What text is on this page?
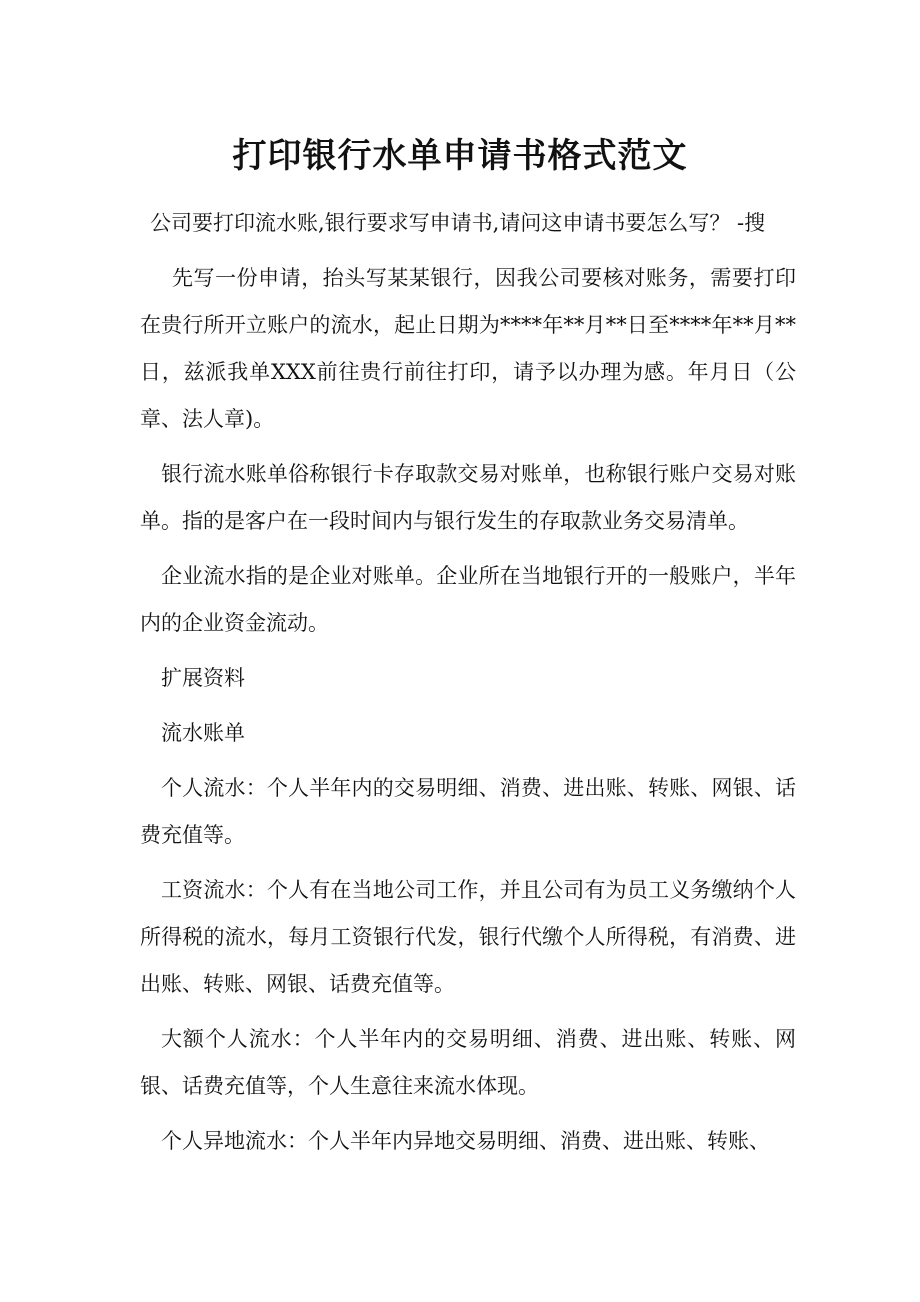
打印银行水单申请书格式范文

公司要打印流水账,银行要求写申请书,请问这申请书要怎么写？ -搜

先写一份申请，抬头写某某银行，因我公司要核对账务，需要打印在贵行所开立账户的流水，起止日期为****年**月**日至****年**月**日，兹派我单XXX前往贵行前往打印，请予以办理为感。年月日（公章、法人章)。

银行流水账单俗称银行卡存取款交易对账单，也称银行账户交易对账单。指的是客户在一段时间内与银行发生的存取款业务交易清单。

企业流水指的是企业对账单。企业所在当地银行开的一般账户，半年内的企业资金流动。

扩展资料

流水账单

个人流水：个人半年内的交易明细、消费、进出账、转账、网银、话费充值等。

工资流水：个人有在当地公司工作，并且公司有为员工义务缴纳个人所得税的流水，每月工资银行代发，银行代缴个人所得税，有消费、进出账、转账、网银、话费充值等。

大额个人流水：个人半年内的交易明细、消费、进出账、转账、网银、话费充值等，个人生意往来流水体现。

个人异地流水：个人半年内异地交易明细、消费、进出账、转账、
